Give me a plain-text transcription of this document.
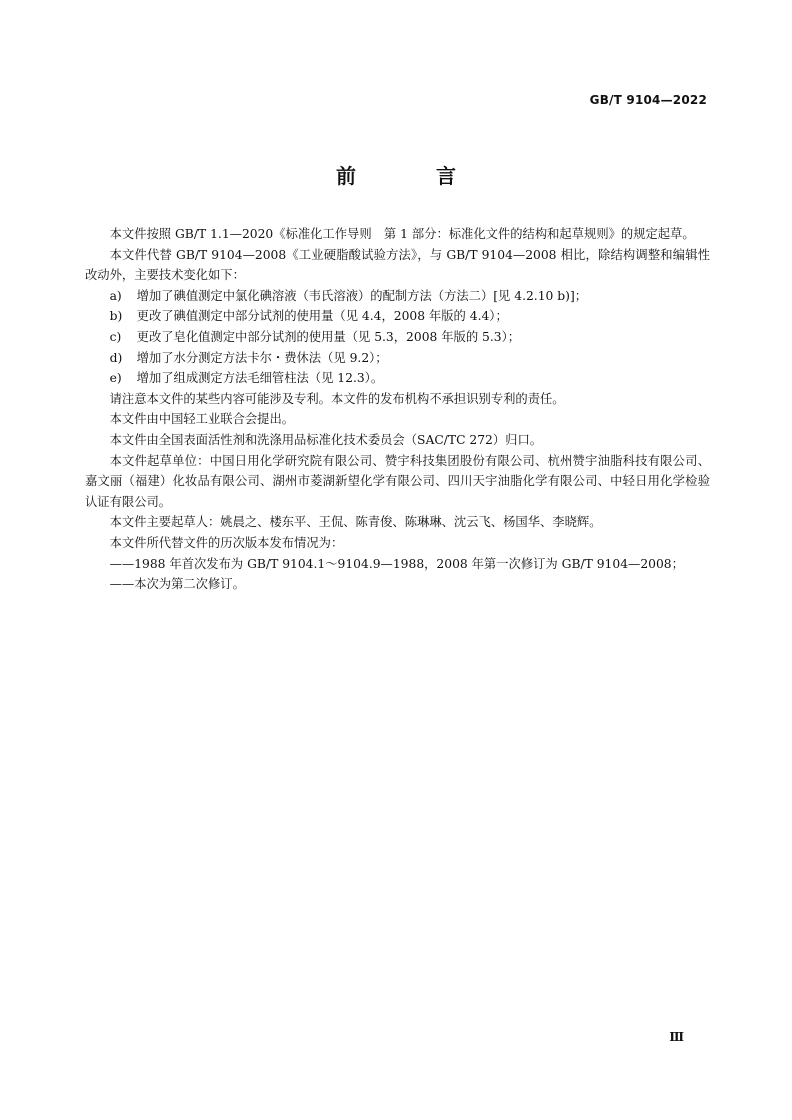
GB/T 9104—2022
前　言

本文件按照 GB/T 1.1—2020《标准化工作导则　第 1 部分：标准化文件的结构和起草规则》的规定起草。

本文件代替 GB/T 9104—2008《工业硬脂酸试验方法》，与 GB/T 9104—2008 相比，除结构调整和编辑性改动外，主要技术变化如下：

a)	增加了碘值测定中氯化碘溶液（韦氏溶液）的配制方法（方法二）[见 4.2.10 b)]；
b)	更改了碘值测定中部分试剂的使用量（见 4.4，2008 年版的 4.4）；
c)	更改了皂化值测定中部分试剂的使用量（见 5.3，2008 年版的 5.3）；
d)	增加了水分测定方法卡尔・费休法（见 9.2）；
e)	增加了组成测定方法毛细管柱法（见 12.3）。

请注意本文件的某些内容可能涉及专利。本文件的发布机构不承担识别专利的责任。

本文件由中国轻工业联合会提出。

本文件由全国表面活性剂和洗涤用品标准化技术委员会（SAC/TC 272）归口。

本文件起草单位：中国日用化学研究院有限公司、赞宇科技集团股份有限公司、杭州赞宇油脂科技有限公司、嘉文丽（福建）化妆品有限公司、湖州市菱湖新望化学有限公司、四川天宇油脂化学有限公司、中轻日用化学检验认证有限公司。

本文件主要起草人：姚晨之、楼东平、王侃、陈青俊、陈琳琳、沈云飞、杨国华、李晓辉。

本文件所代替文件的历次版本发布情况为：

——1988 年首次发布为 GB/T 9104.1～9104.9—1988，2008 年第一次修订为 GB/T 9104—2008；

——本次为第二次修订。

Ⅲ
